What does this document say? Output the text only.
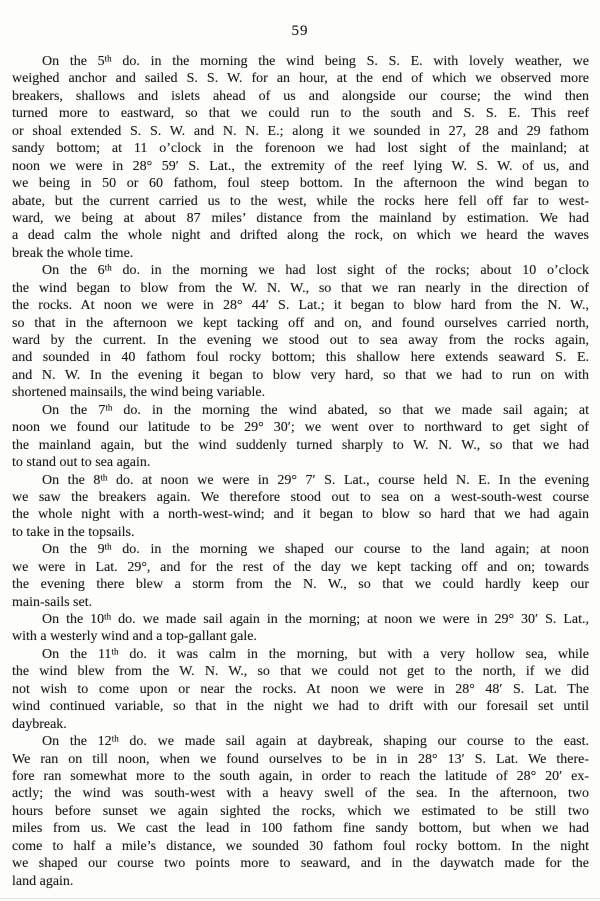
59
On the 5th do. in the morning the wind being S. S. E. with lovely weather, we
weighed anchor and sailed S. S. W. for an hour, at the end of which we observed more
breakers, shallows and islets ahead of us and alongside our course; the wind then
turned more to eastward, so that we could run to the south and S. S. E. This reef
or shoal extended S. S. W. and N. N. E.; along it we sounded in 27, 28 and 29 fathom
sandy bottom; at 11 o’clock in the forenoon we had lost sight of the mainland; at
noon we were in 28° 59′ S. Lat., the extremity of the reef lying W. S. W. of us, and
we being in 50 or 60 fathom, foul steep bottom. In the afternoon the wind began to
abate, but the current carried us to the west, while the rocks here fell off far to west-
ward, we being at about 87 miles’ distance from the mainland by estimation. We had
a dead calm the whole night and drifted along the rock, on which we heard the waves
break the whole time.
On the 6th do. in the morning we had lost sight of the rocks; about 10 o’clock
the wind began to blow from the W. N. W., so that we ran nearly in the direction of
the rocks. At noon we were in 28° 44′ S. Lat.; it began to blow hard from the N. W.,
so that in the afternoon we kept tacking off and on, and found ourselves carried north,
ward by the current. In the evening we stood out to sea away from the rocks again,
and sounded in 40 fathom foul rocky bottom; this shallow here extends seaward S. E.
and N. W. In the evening it began to blow very hard, so that we had to run on with
shortened mainsails, the wind being variable.
On the 7th do. in the morning the wind abated, so that we made sail again; at
noon we found our latitude to be 29° 30′; we went over to northward to get sight of
the mainland again, but the wind suddenly turned sharply to W. N. W., so that we had
to stand out to sea again.
On the 8th do. at noon we were in 29° 7′ S. Lat., course held N. E. In the evening
we saw the breakers again. We therefore stood out to sea on a west-south-west course
the whole night with a north-west-wind; and it began to blow so hard that we had again
to take in the topsails.
On the 9th do. in the morning we shaped our course to the land again; at noon
we were in Lat. 29°, and for the rest of the day we kept tacking off and on; towards
the evening there blew a storm from the N. W., so that we could hardly keep our
main-sails set.
On the 10th do. we made sail again in the morning; at noon we were in 29° 30′ S. Lat.,
with a westerly wind and a top-gallant gale.
On the 11th do. it was calm in the morning, but with a very hollow sea, while
the wind blew from the W. N. W., so that we could not get to the north, if we did
not wish to come upon or near the rocks. At noon we were in 28° 48′ S. Lat. The
wind continued variable, so that in the night we had to drift with our foresail set until
daybreak.
On the 12th do. we made sail again at daybreak, shaping our course to the east.
We ran on till noon, when we found ourselves to be in in 28° 13′ S. Lat. We there-
fore ran somewhat more to the south again, in order to reach the latitude of 28° 20′ ex-
actly; the wind was south-west with a heavy swell of the sea. In the afternoon, two
hours before sunset we again sighted the rocks, which we estimated to be still two
miles from us. We cast the lead in 100 fathom fine sandy bottom, but when we had
come to half a mile’s distance, we sounded 30 fathom foul rocky bottom. In the night
we shaped our course two points more to seaward, and in the daywatch made for the
land again.
